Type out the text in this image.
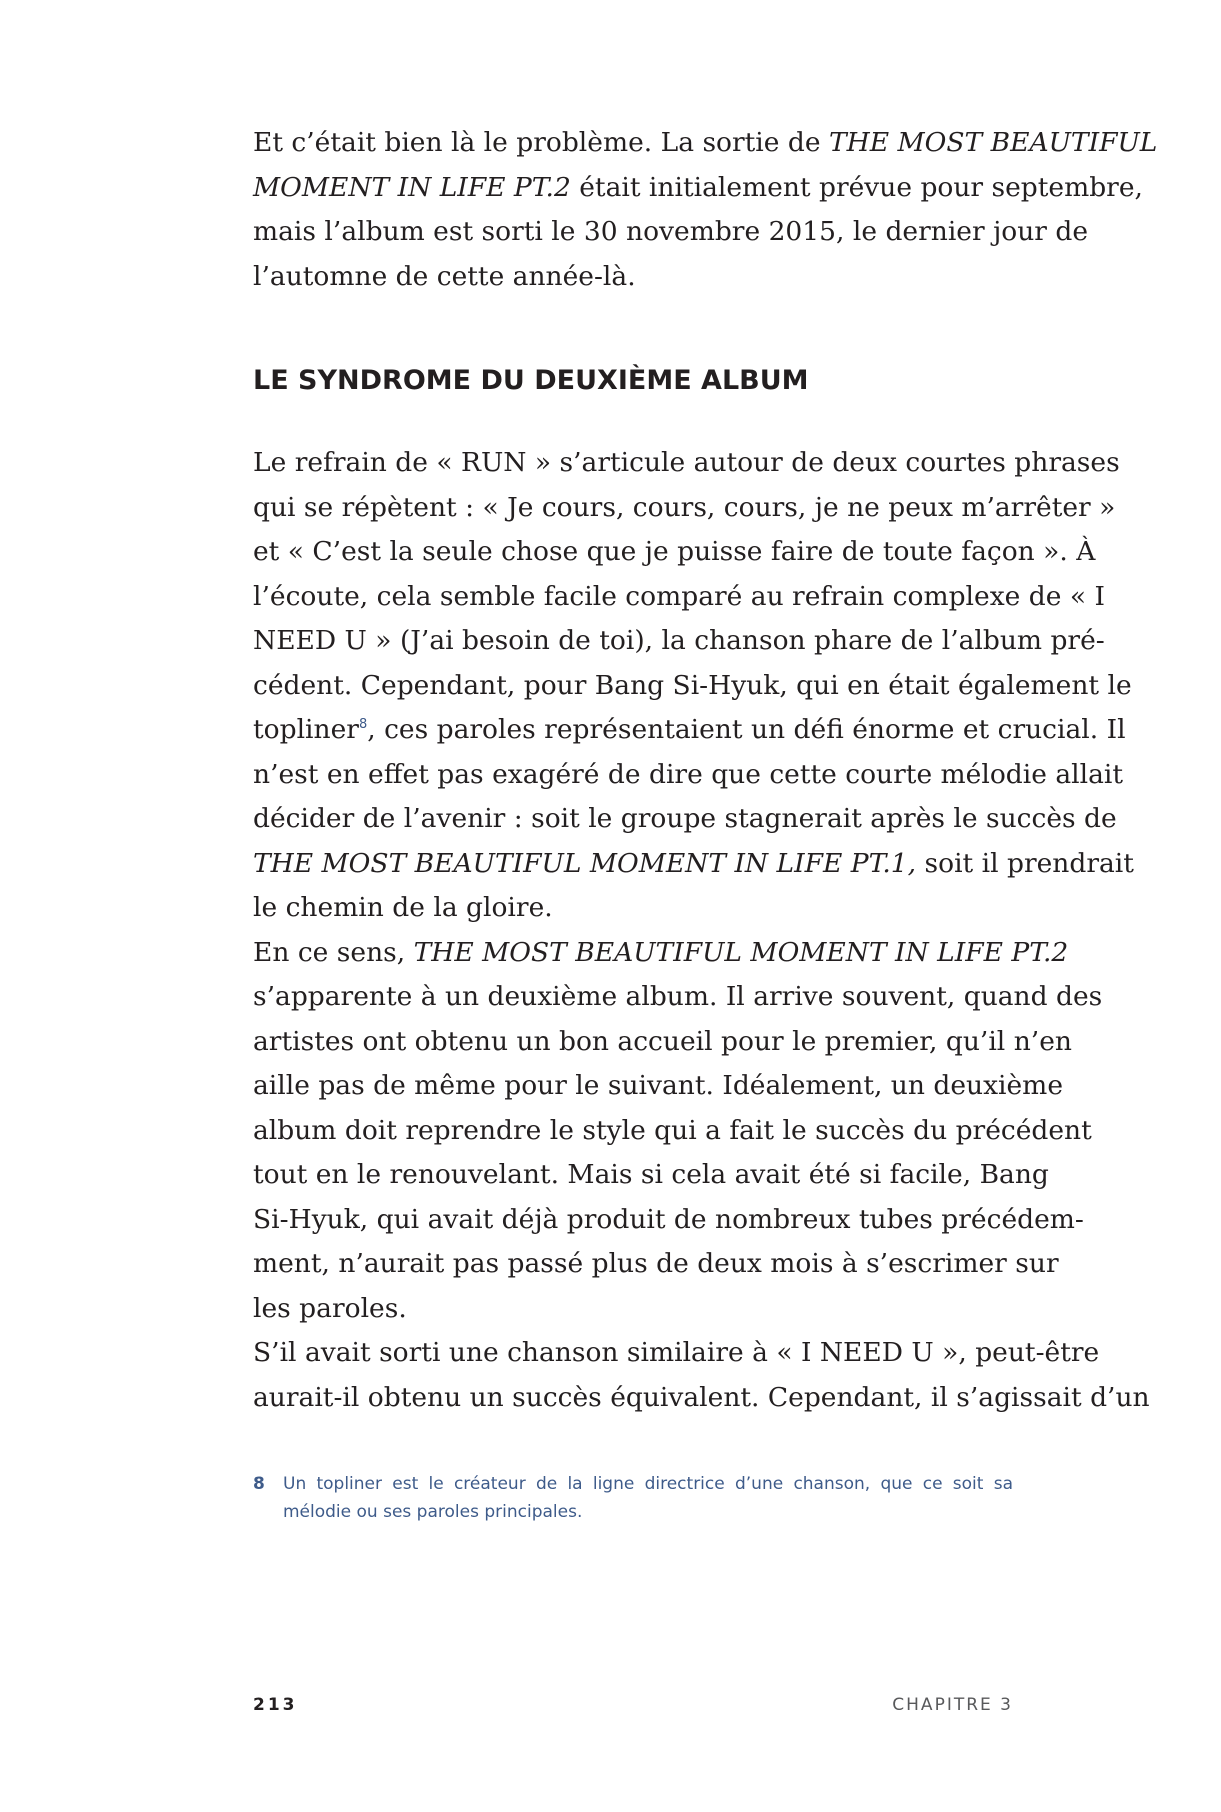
Et c’était bien là le problème. La sortie de THE MOST BEAUTIFUL
MOMENT IN LIFE PT.2 était initialement prévue pour septembre,
mais l’album est sorti le 30 novembre 2015, le dernier jour de
l’automne de cette année-là.
LE SYNDROME DU DEUXIÈME ALBUM
Le refrain de « RUN » s’articule autour de deux courtes phrases
qui se répètent : « Je cours, cours, cours, je ne peux m’arrêter »
et « C’est la seule chose que je puisse faire de toute façon ». À
l’écoute, cela semble facile comparé au refrain complexe de « I
NEED U » (J’ai besoin de toi), la chanson phare de l’album pré-
cédent. Cependant, pour Bang Si-Hyuk, qui en était également le
topliner$^8$, ces paroles représentaient un défi énorme et crucial. Il
n’est en effet pas exagéré de dire que cette courte mélodie allait
décider de l’avenir : soit le groupe stagnerait après le succès de
THE MOST BEAUTIFUL MOMENT IN LIFE PT.1, soit il prendrait
le chemin de la gloire.
En ce sens, THE MOST BEAUTIFUL MOMENT IN LIFE PT.2
s’apparente à un deuxième album. Il arrive souvent, quand des
artistes ont obtenu un bon accueil pour le premier, qu’il n’en
aille pas de même pour le suivant. Idéalement, un deuxième
album doit reprendre le style qui a fait le succès du précédent
tout en le renouvelant. Mais si cela avait été si facile, Bang
Si-Hyuk, qui avait déjà produit de nombreux tubes précédem-
ment, n’aurait pas passé plus de deux mois à s’escrimer sur
les paroles.
S’il avait sorti une chanson similaire à « I NEED U », peut-être
aurait-il obtenu un succès équivalent. Cependant, il s’agissait d’un
8 Un topliner est le créateur de la ligne directrice d’une chanson, que ce soit sa
mélodie ou ses paroles principales.
213	CHAPITRE 3
